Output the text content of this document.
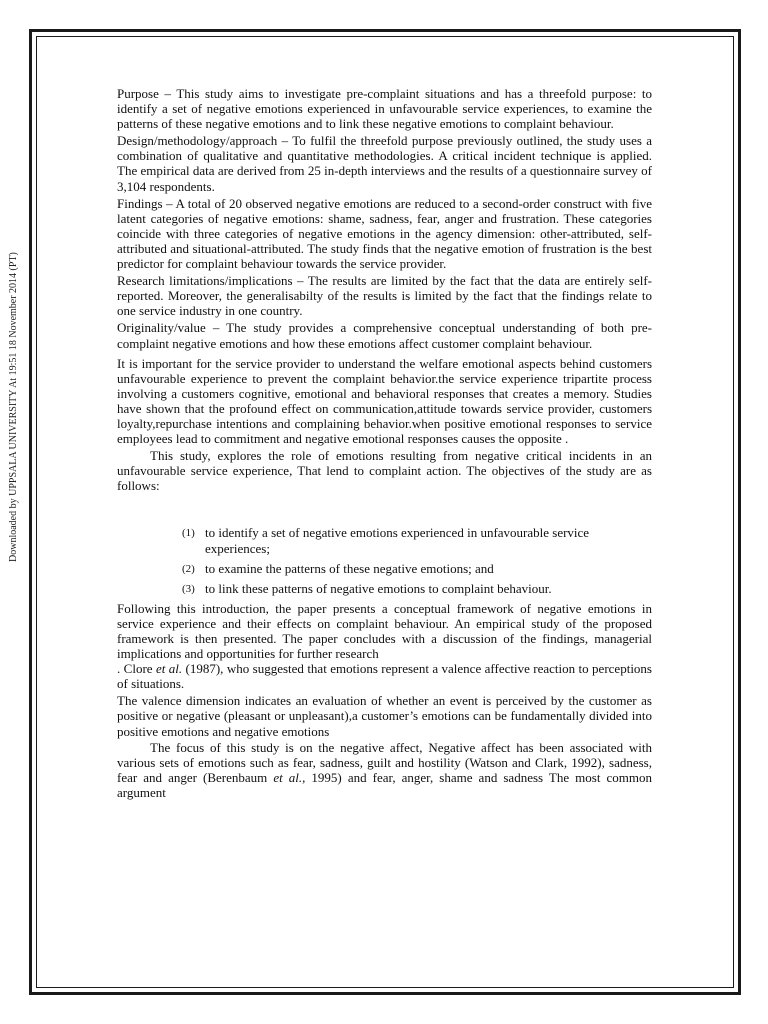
Downloaded by UPPSALA UNIVERSITY At 19:51 18 November 2014 (PT)

Purpose – This study aims to investigate pre-complaint situations and has a threefold purpose: to identify a set of negative emotions experienced in unfavourable service experiences, to examine the patterns of these negative emotions and to link these negative emotions to complaint behaviour.

Design/methodology/approach – To fulfil the threefold purpose previously outlined, the study uses a combination of qualitative and quantitative methodologies. A critical incident technique is applied. The empirical data are derived from 25 in-depth interviews and the results of a questionnaire survey of 3,104 respondents.

Findings – A total of 20 observed negative emotions are reduced to a second-order construct with five latent categories of negative emotions: shame, sadness, fear, anger and frustration. These categories coincide with three categories of negative emotions in the agency dimension: other-attributed, self-attributed and situational-attributed. The study finds that the negative emotion of frustration is the best predictor for complaint behaviour towards the service provider.

Research limitations/implications – The results are limited by the fact that the data are entirely self-reported. Moreover, the generalisabilty of the results is limited by the fact that the findings relate to one service industry in one country.

Originality/value – The study provides a comprehensive conceptual understanding of both pre-complaint negative emotions and how these emotions affect customer complaint behaviour.

It is important for the service provider to understand the welfare emotional aspects behind customers unfavourable experience to prevent the complaint behavior.the service experience tripartite process involving a customers cognitive, emotional and behavioral responses that creates a memory. Studies have shown that the profound effect on communication,attitude towards service provider, customers loyalty,repurchase intentions and complaining behavior.when positive emotional responses to service employees lead to commitment and negative emotional responses causes the opposite .

This study, explores the role of emotions resulting from negative critical incidents in an unfavourable service experience, That lend to complaint action. The objectives of the study are as follows:

(1) to identify a set of negative emotions experienced in unfavourable service experiences;
(2) to examine the patterns of these negative emotions; and
(3) to link these patterns of negative emotions to complaint behaviour.

Following this introduction, the paper presents a conceptual framework of negative emotions in service experience and their effects on complaint behaviour. An empirical study of the proposed framework is then presented. The paper concludes with a discussion of the findings, managerial implications and opportunities for further research

. Clore et al. (1987), who suggested that emotions represent a valence affective reaction to perceptions of situations.

The valence dimension indicates an evaluation of whether an event is perceived by the customer as positive or negative (pleasant or unpleasant),a customer’s emotions can be fundamentally divided into positive emotions and negative emotions

The focus of this study is on the negative affect, Negative affect has been associated with various sets of emotions such as fear, sadness, guilt and hostility (Watson and Clark, 1992), sadness, fear and anger (Berenbaum et al., 1995) and fear, anger, shame and sadness The most common argument
